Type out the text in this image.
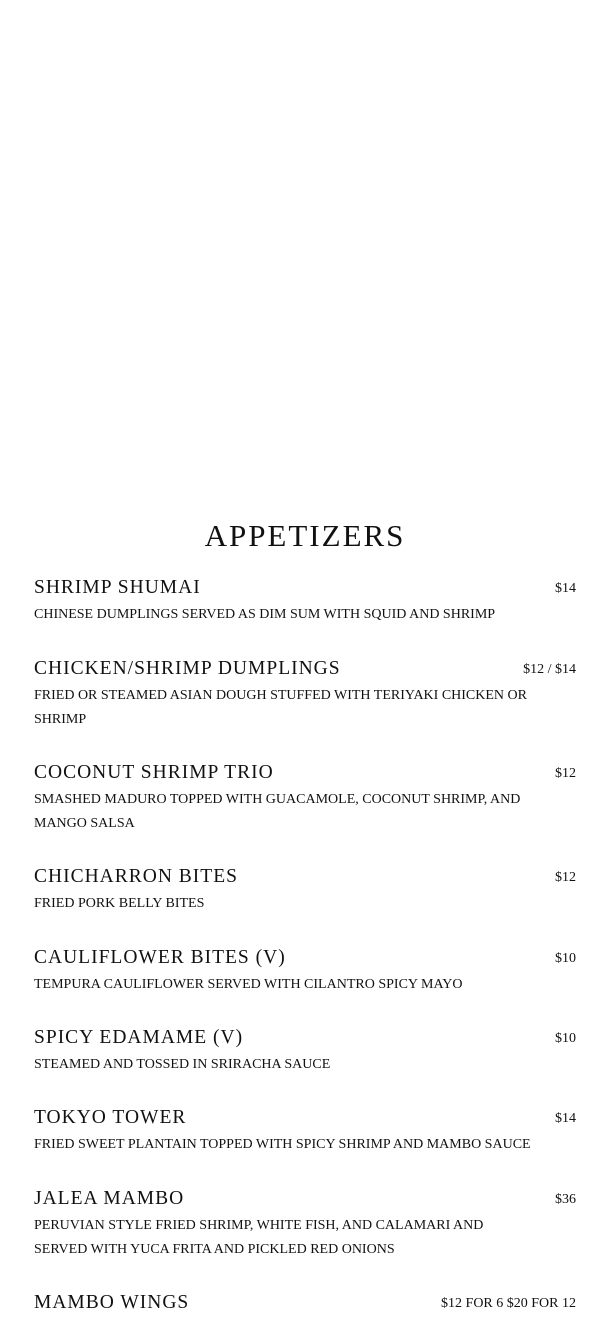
APPETIZERS
SHRIMP SHUMAI	$14
CHINESE DUMPLINGS SERVED AS DIM SUM WITH SQUID AND SHRIMP
CHICKEN/SHRIMP DUMPLINGS	$12 / $14
FRIED OR STEAMED ASIAN DOUGH STUFFED WITH TERIYAKI CHICKEN OR SHRIMP
COCONUT SHRIMP TRIO	$12
SMASHED MADURO TOPPED WITH GUACAMOLE, COCONUT SHRIMP, AND MANGO SALSA
CHICHARRON BITES	$12
FRIED PORK BELLY BITES
CAULIFLOWER BITES (V)	$10
TEMPURA CAULIFLOWER SERVED WITH CILANTRO SPICY MAYO
SPICY EDAMAME (V)	$10
STEAMED AND TOSSED IN SRIRACHA SAUCE
TOKYO TOWER	$14
FRIED SWEET PLANTAIN TOPPED WITH SPICY SHRIMP AND MAMBO SAUCE
JALEA MAMBO	$36
PERUVIAN STYLE FRIED SHRIMP, WHITE FISH, AND CALAMARI AND SERVED WITH YUCA FRITA AND PICKLED RED ONIONS
MAMBO WINGS	$12 FOR 6 $20 FOR 12
